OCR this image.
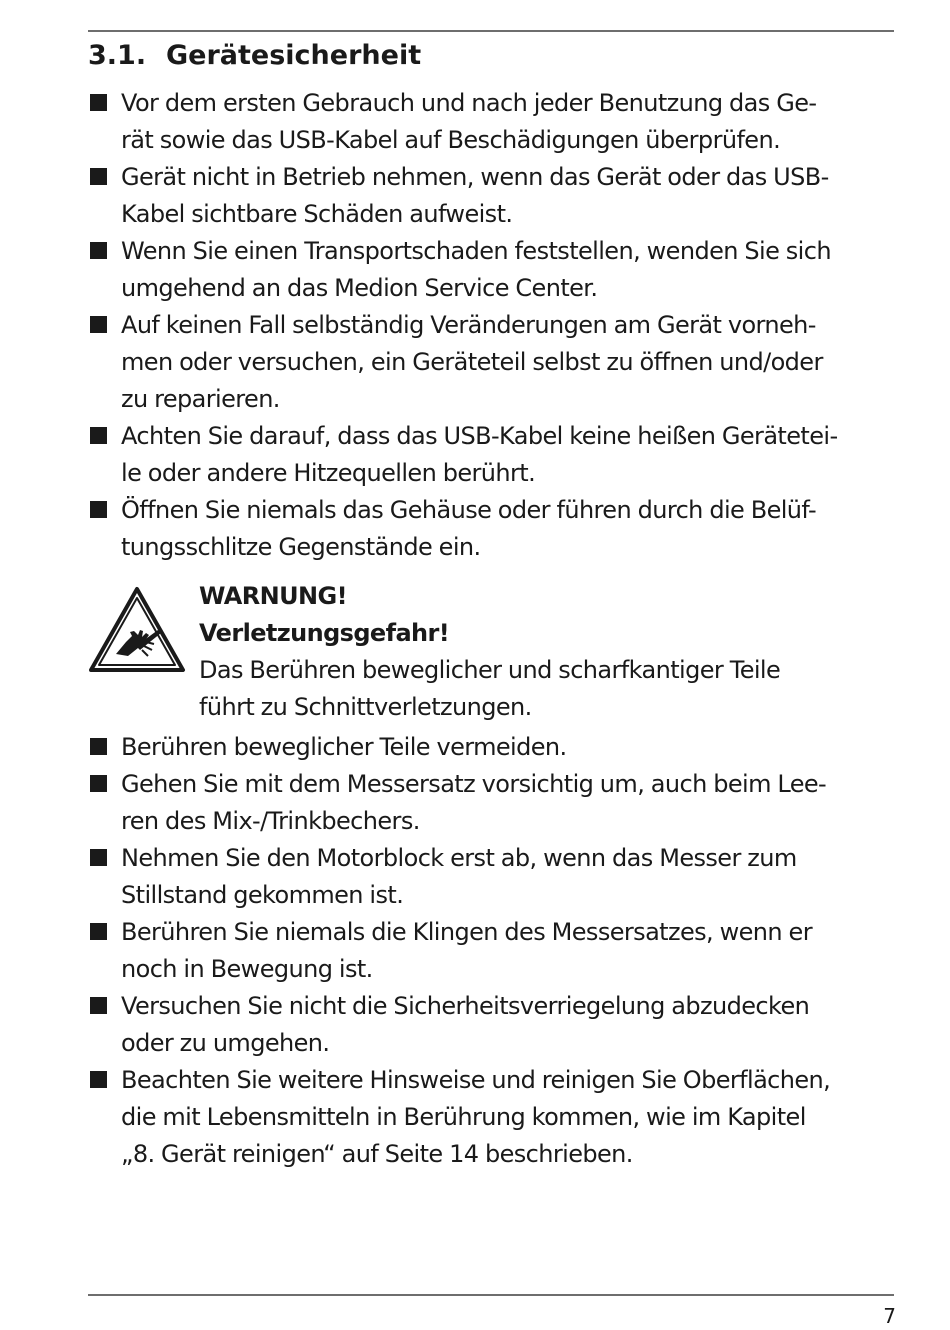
3.1. Gerätesicherheit
Vor dem ersten Gebrauch und nach jeder Benutzung das Ge-
rät sowie das USB-Kabel auf Beschädigungen überprüfen.
Gerät nicht in Betrieb nehmen, wenn das Gerät oder das USB-
Kabel sichtbare Schäden aufweist.
Wenn Sie einen Transportschaden feststellen, wenden Sie sich
umgehend an das Medion Service Center.
Auf keinen Fall selbständig Veränderungen am Gerät vorneh-
men oder versuchen, ein Geräteteil selbst zu öffnen und/oder
zu reparieren.
Achten Sie darauf, dass das USB-Kabel keine heißen Gerätetei-
le oder andere Hitzequellen berührt.
Öffnen Sie niemals das Gehäuse oder führen durch die Belüf-
tungsschlitze Gegenstände ein.
WARNUNG!
Verletzungsgefahr!
Das Berühren beweglicher und scharfkantiger Teile
führt zu Schnittverletzungen.
Berühren beweglicher Teile vermeiden.
Gehen Sie mit dem Messersatz vorsichtig um, auch beim Lee-
ren des Mix-/Trinkbechers.
Nehmen Sie den Motorblock erst ab, wenn das Messer zum
Stillstand gekommen ist.
Berühren Sie niemals die Klingen des Messersatzes, wenn er
noch in Bewegung ist.
Versuchen Sie nicht die Sicherheitsverriegelung abzudecken
oder zu umgehen.
Beachten Sie weitere Hinsweise und reinigen Sie Oberflächen,
die mit Lebensmitteln in Berührung kommen, wie im Kapitel
„8. Gerät reinigen“ auf Seite 14 beschrieben.
7
